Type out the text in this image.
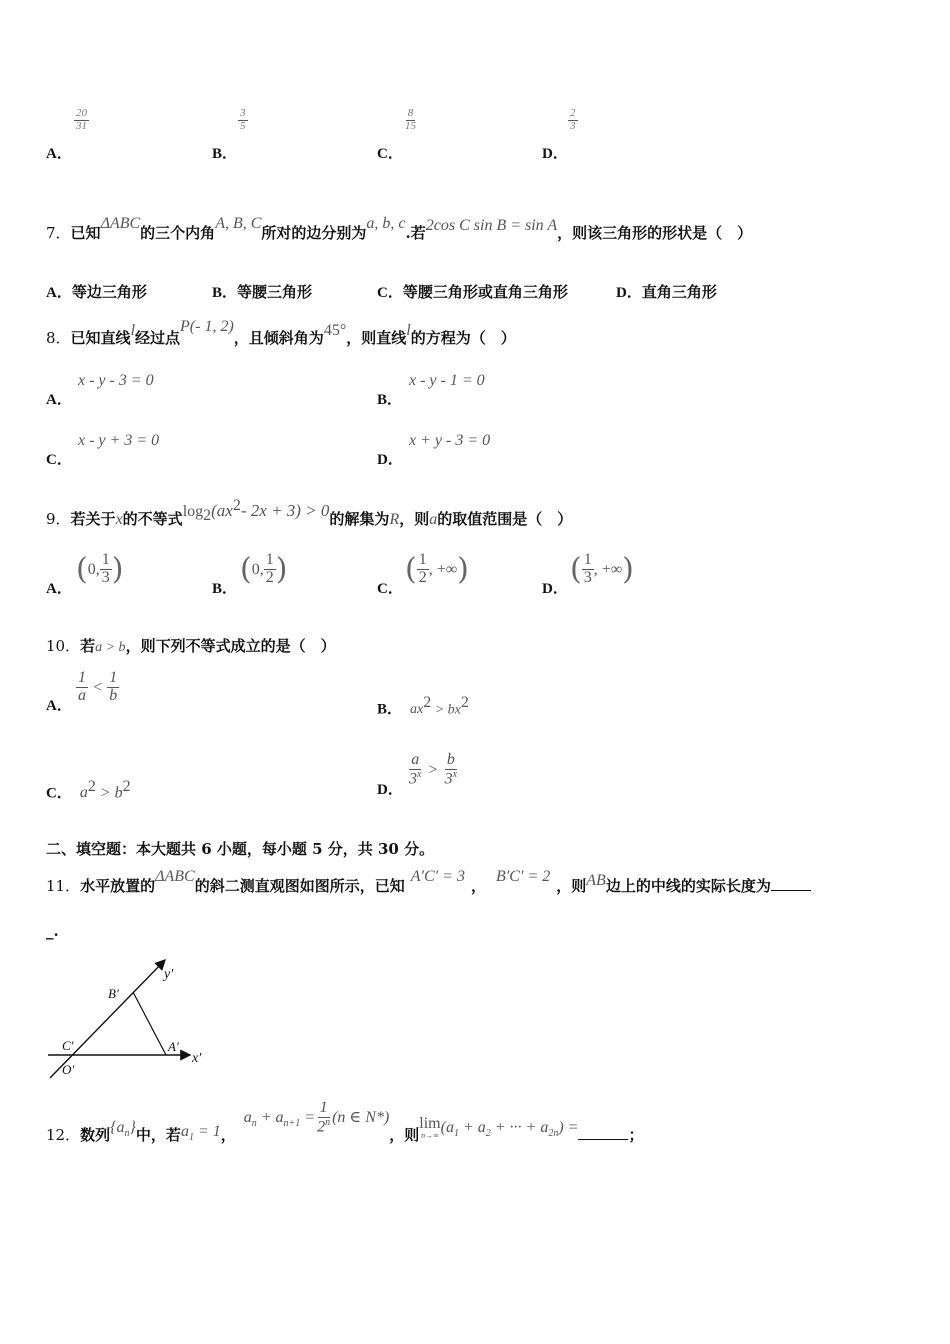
A．
$\frac{20}{31}$
B．
$\frac{3}{5}$
C．
$\frac{8}{15}$
D．
$\frac{2}{3}$
7．已知ΔABC的三个内角A, B, C所对的边分别为a, b, c.若2cos C sin B = sin A，则该三角形的形状是（　）
A．等边三角形	B．等腰三角形	C．等腰三角形或直角三角形	D．直角三角形
8．已知直线l经过点P(- 1, 2)，且倾斜角为45°，则直线l的方程为（　）
A．
x - y - 3 = 0
B．
x - y - 1 = 0
C．
x - y + 3 = 0
D．
x + y - 3 = 0
9．若关于x的不等式$\log_2(ax^2-$ 2x + 3) > 0的解集为R，则a的取值范围是（　）
A．
(0, $\frac{1}{3}$ )
B．
(0, $\frac{1}{2}$ )
C．
( $\frac{1}{2}$ , +∞)
D．
( $\frac{1}{3}$ , +∞)
10．若a > b，则下列不等式成立的是（　）
A．
$\frac{1}{a} < \frac{1}{b}$
B． $ax^2 > bx^2$
C． $a^2 > b^2$	D．
$\frac{a}{3^x} > \frac{b}{3^x}$
二、填空题：本大题共 6 小题，每小题 5 分，共 30 分。
11．水平放置的ΔABC的斜二测直观图如图所示，已知A′C′ = 3，B′C′ = 2，则AB边上的中线的实际长度为
_.
y′
x′
B′
A′
C′
O′
12．数列$\{a_n\}$中，若$a_1 = 1$，$a_n + a_{n+1} = \frac{1}{2^n} (n$ ∈ N*)，则
lim
n→∞ ($a_1 + a_2$ + ··· + $a_{2n}$) =	；
